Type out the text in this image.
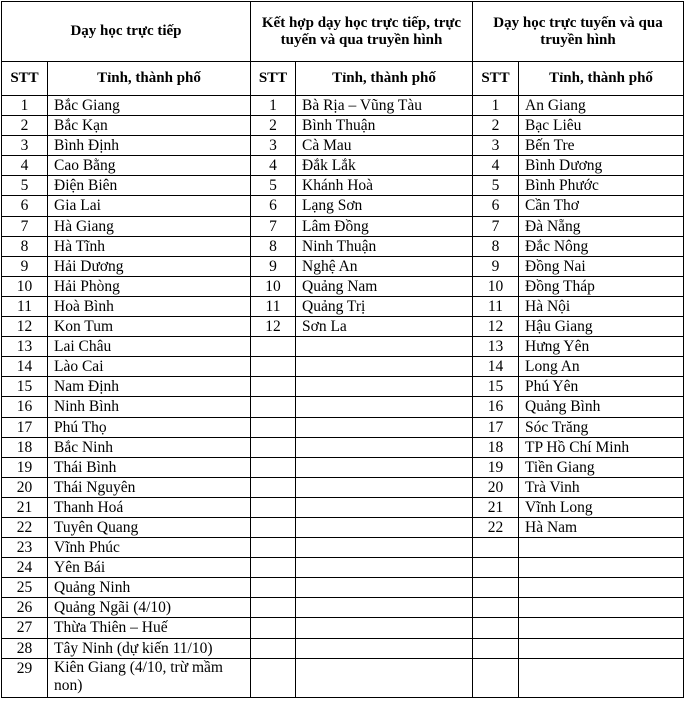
Dạy học trực tiếp		Kết hợp dạy học trực tiếp, trực tuyến và qua truyền hình		Dạy học trực tuyến và qua truyền hình	
STT	Tỉnh, thành phố	STT	Tỉnh, thành phố	STT	Tỉnh, thành phố
1	Bắc Giang	1	Bà Rịa – Vũng Tàu	1	An Giang
2	Bắc Kạn	2	Bình Thuận	2	Bạc Liêu
3	Bình Định	3	Cà Mau	3	Bến Tre
4	Cao Bằng	4	Đắk Lắk	4	Bình Dương
5	Điện Biên	5	Khánh Hoà	5	Bình Phước
6	Gia Lai	6	Lạng Sơn	6	Cần Thơ
7	Hà Giang	7	Lâm Đồng	7	Đà Nẵng
8	Hà Tĩnh	8	Ninh Thuận	8	Đắc Nông
9	Hải Dương	9	Nghệ An	9	Đồng Nai
10	Hải Phòng	10	Quảng Nam	10	Đồng Tháp
11	Hoà Bình	11	Quảng Trị	11	Hà Nội
12	Kon Tum	12	Sơn La	12	Hậu Giang
13	Lai Châu			13	Hưng Yên
14	Lào Cai			14	Long An
15	Nam Định			15	Phú Yên
16	Ninh Bình			16	Quảng Bình
17	Phú Thọ			17	Sóc Trăng
18	Bắc Ninh			18	TP Hồ Chí Minh
19	Thái Bình			19	Tiền Giang
20	Thái Nguyên			20	Trà Vinh
21	Thanh Hoá			21	Vĩnh Long
22	Tuyên Quang			22	Hà Nam
23	Vĩnh Phúc				
24	Yên Bái				
25	Quảng Ninh				
26	Quảng Ngãi (4/10)				
27	Thừa Thiên – Huế				
28	Tây Ninh (dự kiến 11/10)				
29	Kiên Giang (4/10, trừ mầm non)				
